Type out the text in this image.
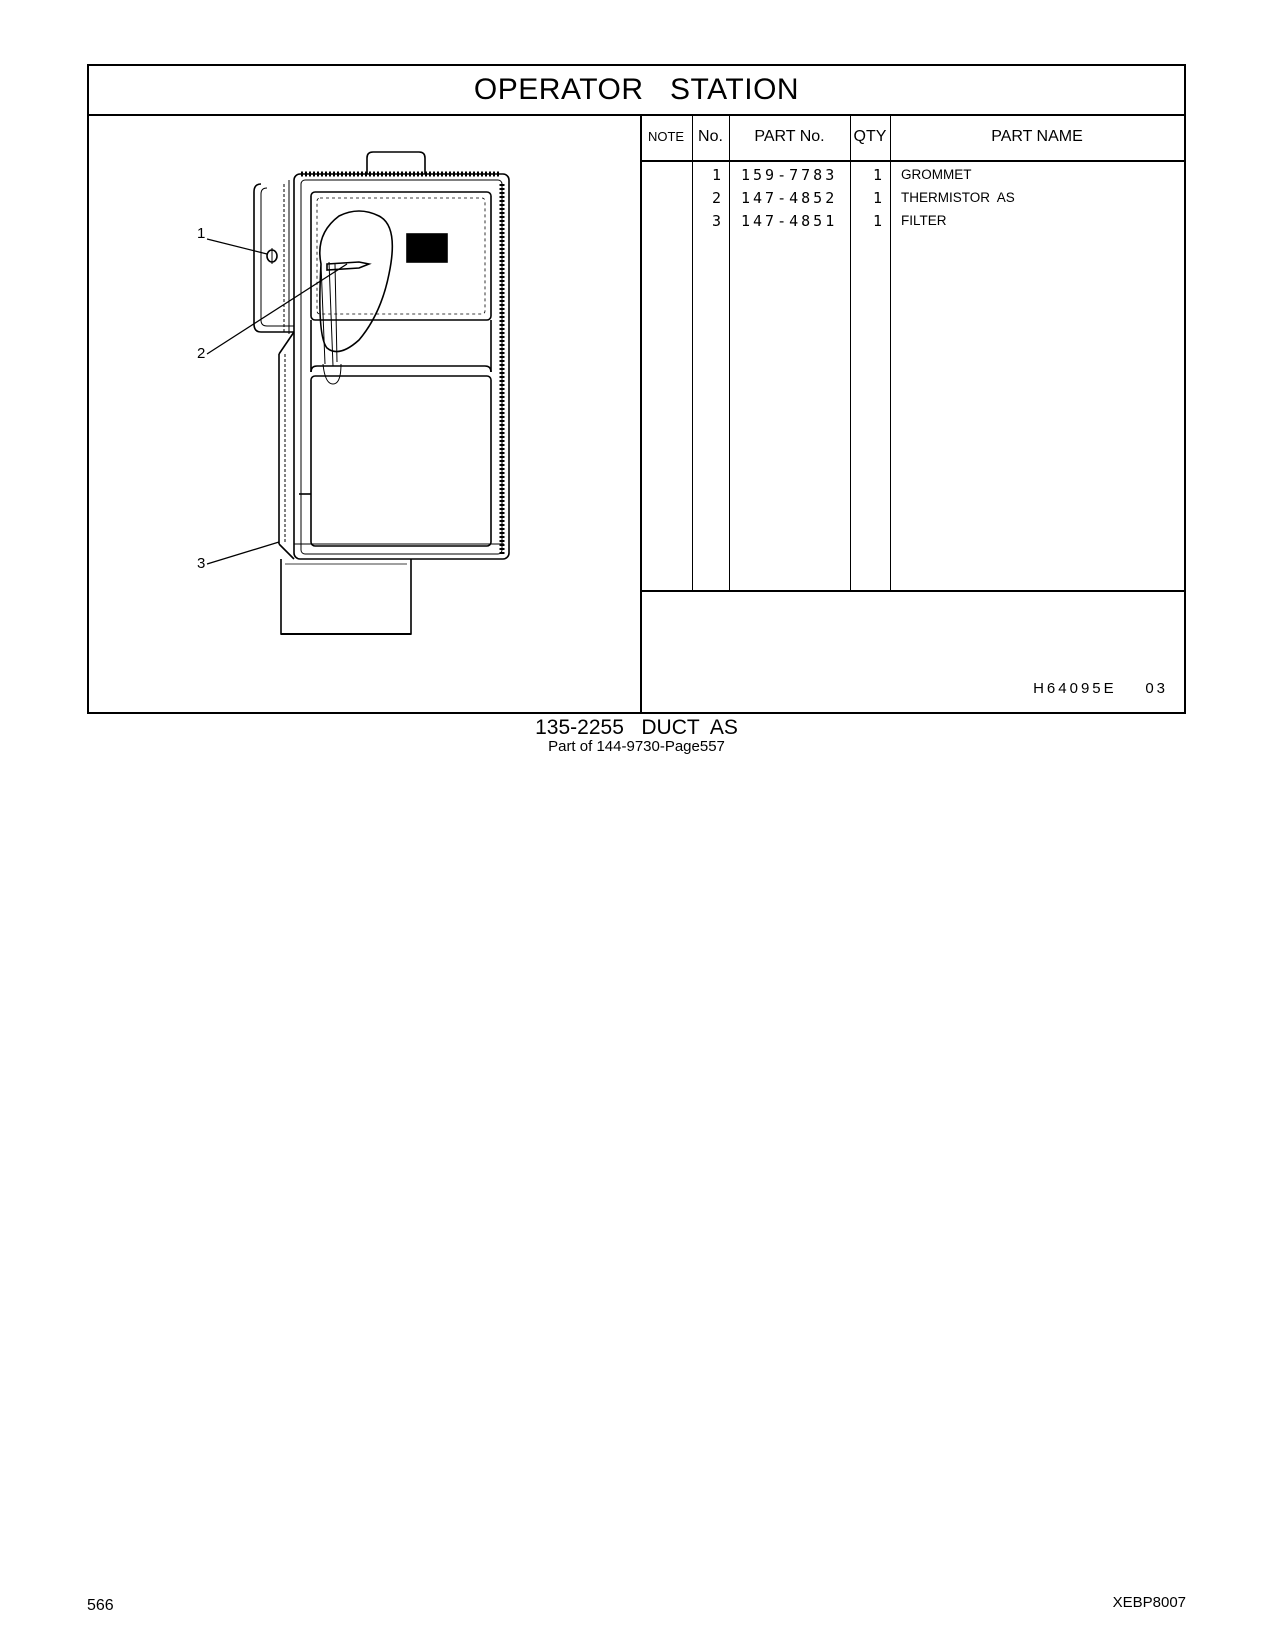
OPERATOR   STATION
1
2
3
NOTE No.	PART No.	QTY	PART NAME
1 159-7783	1 GROMMET
2 147-4852	1 THERMISTOR  AS
3 147-4851	1 FILTER
H64095E    03
135-2255   DUCT  AS
Part of 144-9730-Page557
566	XEBP8007
